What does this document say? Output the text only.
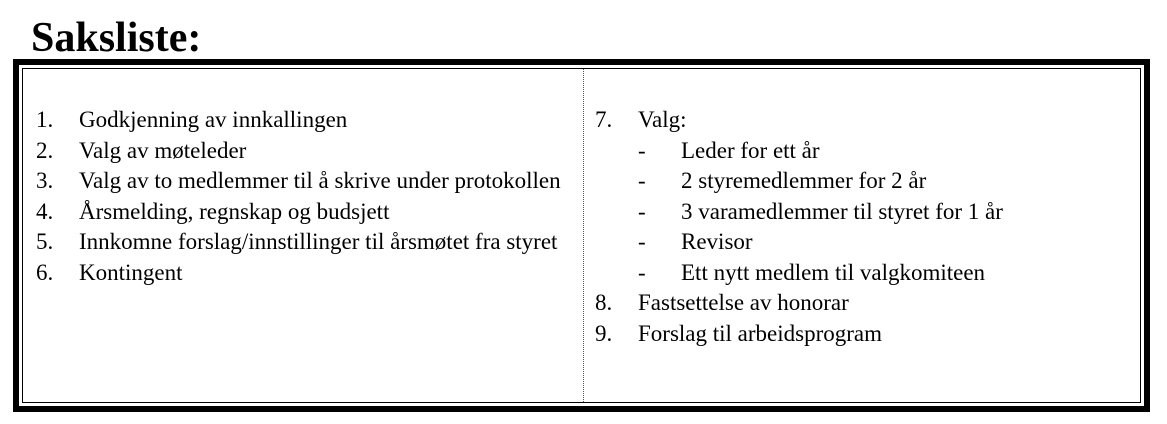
Saksliste:
1.	Godkjenning av innkallingen
2.	Valg av møteleder
3.	Valg av to medlemmer til å skrive under protokollen
4.	Årsmelding, regnskap og budsjett
5.	Innkomne forslag/innstillinger til årsmøtet fra styret
6.	Kontingent
7.	Valg:
-	Leder for ett år
-	2 styremedlemmer for 2 år
-	3 varamedlemmer til styret for 1 år
-	Revisor
-	Ett nytt medlem til valgkomiteen
8.	Fastsettelse av honorar
9.	Forslag til arbeidsprogram
